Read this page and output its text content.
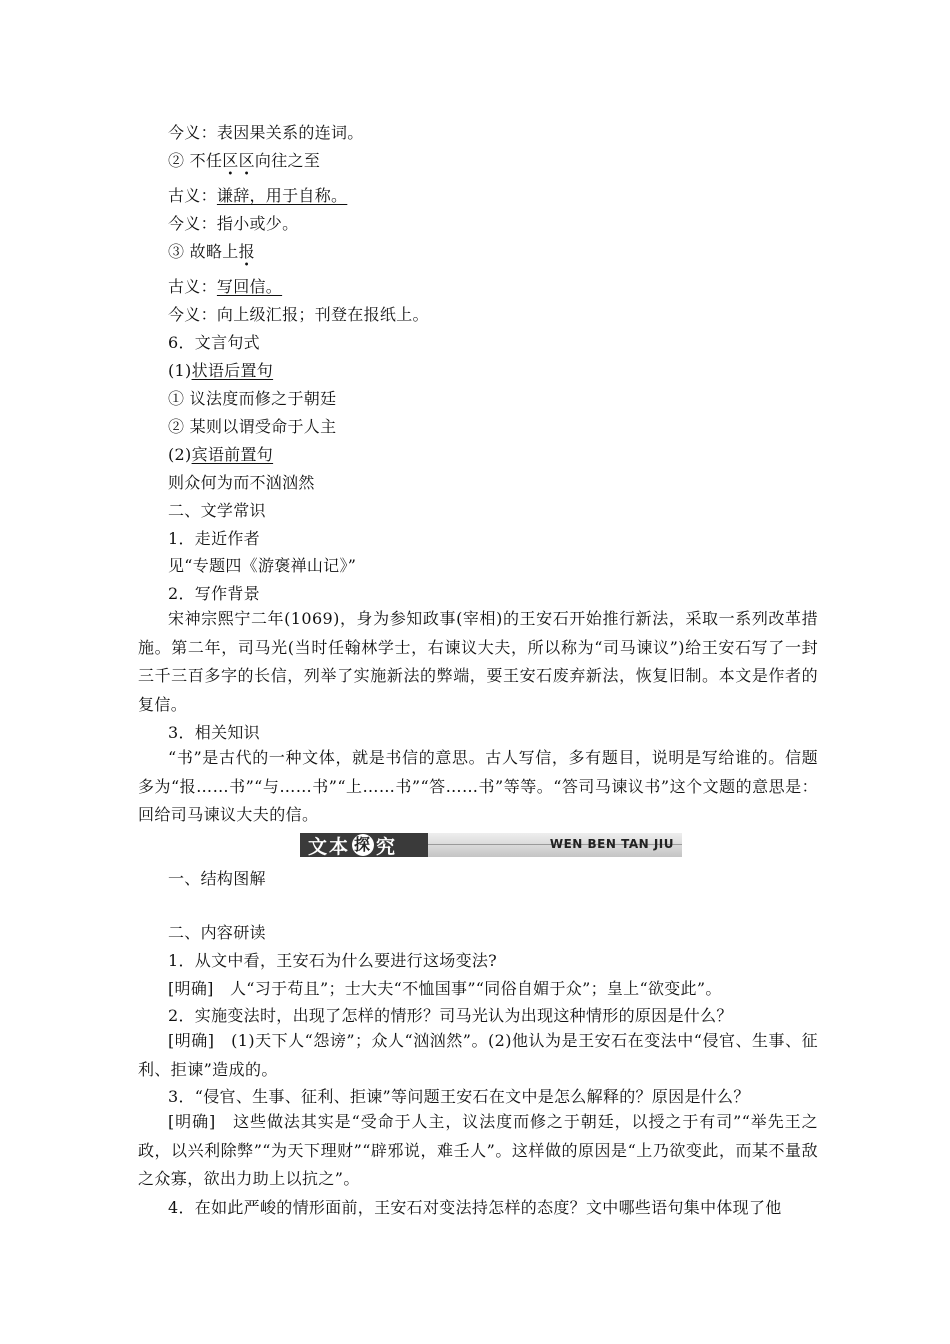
今义：表因果关系的连词。
② 不任区区向往之至
古义：谦辞，用于自称。
今义：指小或少。
③ 故略上报
古义：写回信。
今义：向上级汇报；刊登在报纸上。
6．文言句式
(1)状语后置句
① 议法度而修之于朝廷
② 某则以谓受命于人主
(2)宾语前置句
则众何为而不汹汹然
二、文学常识
1．走近作者
见“专题四《游褒禅山记》”
2．写作背景
宋神宗熙宁二年(1069)，身为参知政事(宰相)的王安石开始推行新法，采取一系列改革措施。第二年，司马光(当时任翰林学士，右谏议大夫，所以称为“司马谏议”)给王安石写了一封三千三百多字的长信，列举了实施新法的弊端，要王安石废弃新法，恢复旧制。本文是作者的复信。
3．相关知识
“书”是古代的一种文体，就是书信的意思。古人写信，多有题目，说明是写给谁的。信题多为“报……书”“与……书”“上……书”“答……书”等等。“答司马谏议书”这个文题的意思是：回给司马谏议大夫的信。
文本 探 究	WEN BEN TAN JIU
一、结构图解
二、内容研读
1．从文中看，王安石为什么要进行这场变法?
[明确]　人“习于苟且”；士大夫“不恤国事”“同俗自媚于众”；皇上“欲变此”。
2．实施变法时，出现了怎样的情形？司马光认为出现这种情形的原因是什么？
[明确]　(1)天下人“怨谤”；众人“汹汹然”。(2)他认为是王安石在变法中“侵官、生事、征利、拒谏”造成的。
3．“侵官、生事、征利、拒谏”等问题王安石在文中是怎么解释的？原因是什么？
[明确]　这些做法其实是“受命于人主，议法度而修之于朝廷，以授之于有司”“举先王之政，以兴利除弊”“为天下理财”“辟邪说，难壬人”。这样做的原因是“上乃欲变此，而某不量敌之众寡，欲出力助上以抗之”。
4．在如此严峻的情形面前，王安石对变法持怎样的态度？文中哪些语句集中体现了他
